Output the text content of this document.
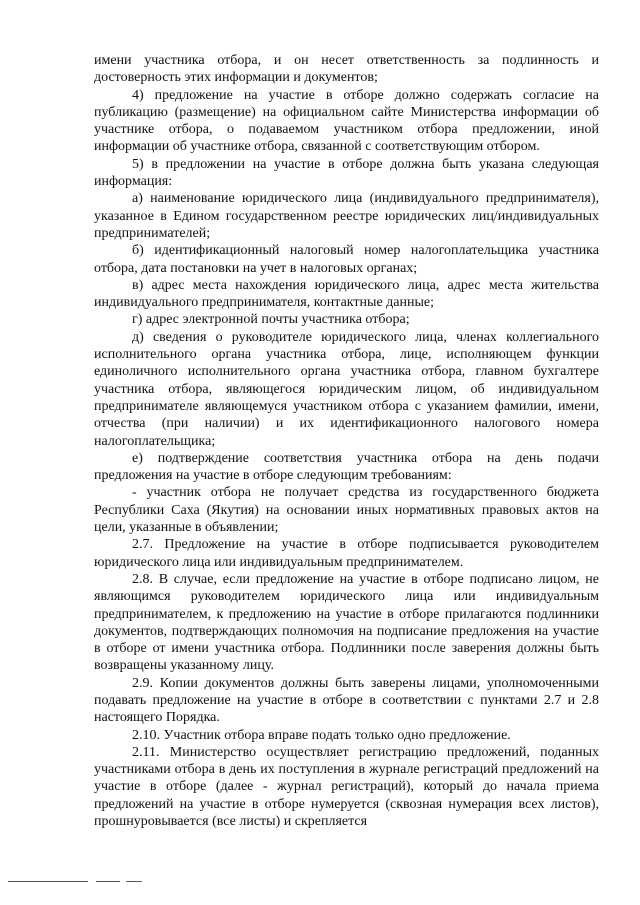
имени участника отбора, и он несет ответственность за подлинность и достоверность этих информации и документов;

4) предложение на участие в отборе должно содержать согласие на публикацию (размещение) на официальном сайте Министерства информации об участнике отбора, о подаваемом участником отбора предложении, иной информации об участнике отбора, связанной с соответствующим отбором.

5) в предложении на участие в отборе должна быть указана следующая информация:

а) наименование юридического лица (индивидуального предпринимателя), указанное в Едином государственном реестре юридических лиц/индивидуальных предпринимателей;

б) идентификационный налоговый номер налогоплательщика участника отбора, дата постановки на учет в налоговых органах;

в) адрес места нахождения юридического лица, адрес места жительства индивидуального предпринимателя, контактные данные;

г) адрес электронной почты участника отбора;

д) сведения о руководителе юридического лица, членах коллегиального исполнительного органа участника отбора, лице, исполняющем функции единоличного исполнительного органа участника отбора, главном бухгалтере участника отбора, являющегося юридическим лицом, об индивидуальном предпринимателе являющемуся участником отбора с указанием фамилии, имени, отчества (при наличии) и их идентификационного налогового номера налогоплательщика;

е) подтверждение соответствия участника отбора на день подачи предложения на участие в отборе следующим требованиям:

- участник отбора не получает средства из государственного бюджета Республики Саха (Якутия) на основании иных нормативных правовых актов на цели, указанные в объявлении;

2.7. Предложение на участие в отборе подписывается руководителем юридического лица или индивидуальным предпринимателем.

2.8. В случае, если предложение на участие в отборе подписано лицом, не являющимся руководителем юридического лица или индивидуальным предпринимателем, к предложению на участие в отборе прилагаются подлинники документов, подтверждающих полномочия на подписание предложения на участие в отборе от имени участника отбора. Подлинники после заверения должны быть возвращены указанному лицу.

2.9. Копии документов должны быть заверены лицами, уполномоченными подавать предложение на участие в отборе в соответствии с пунктами 2.7 и 2.8 настоящего Порядка.

2.10. Участник отбора вправе подать только одно предложение.

2.11. Министерство осуществляет регистрацию предложений, поданных участниками отбора в день их поступления в журнале регистраций предложений на участие в отборе (далее - журнал регистраций), который до начала приема предложений на участие в отборе нумеруется (сквозная нумерация всех листов), прошнуровывается (все листы) и скрепляется
